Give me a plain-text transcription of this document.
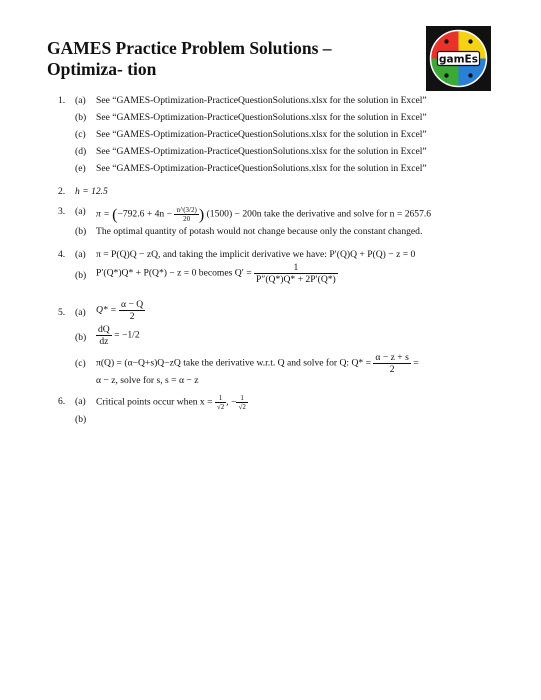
GAMES Practice Problem Solutions – Optimiza- tion	gamEs
1. (a) See “GAMES-Optimization-PracticeQuestionSolutions.xlsx for the solution in Excel”
(b) See “GAMES-Optimization-PracticeQuestionSolutions.xlsx for the solution in Excel”
(c) See “GAMES-Optimization-PracticeQuestionSolutions.xlsx for the solution in Excel”
(d) See “GAMES-Optimization-PracticeQuestionSolutions.xlsx for the solution in Excel”
(e) See “GAMES-Optimization-PracticeQuestionSolutions.xlsx for the solution in Excel”
2. h = 12.5
3. (a) $\pi = (-792.6 + 4n - \frac{n\^{}(3/2)}{20}$ ) (1500) − 200n take the derivative and solve for n = 2657.6
(b) The optimal quantity of potash would not change because only the constant changed.
4. (a) π = P(Q)Q − zQ, and taking the implicit derivative we have: P′(Q)Q + P(Q) − z = 0
(b) P′(Q*)Q* + P(Q*) − z = 0 becomes $Q' = \frac{1}{P''(Q*)Q* + 2P'(Q*)}$
5. (a) $Q* = \frac{\alpha - Q}{2}$
$(b) \frac{dQ}{dz} = -1/2$
(c) π(Q) = (α−Q+s)Q−zQ take the derivative w.r.t. Q and solve for Q: $Q* = \frac{\alpha - z + s}{2}$ =
α − z, solve for s, s = α − z
6. (a) Critical points occur when $x = \frac{1}{√2}$ , − $\frac{1}{√2}$
(b)
